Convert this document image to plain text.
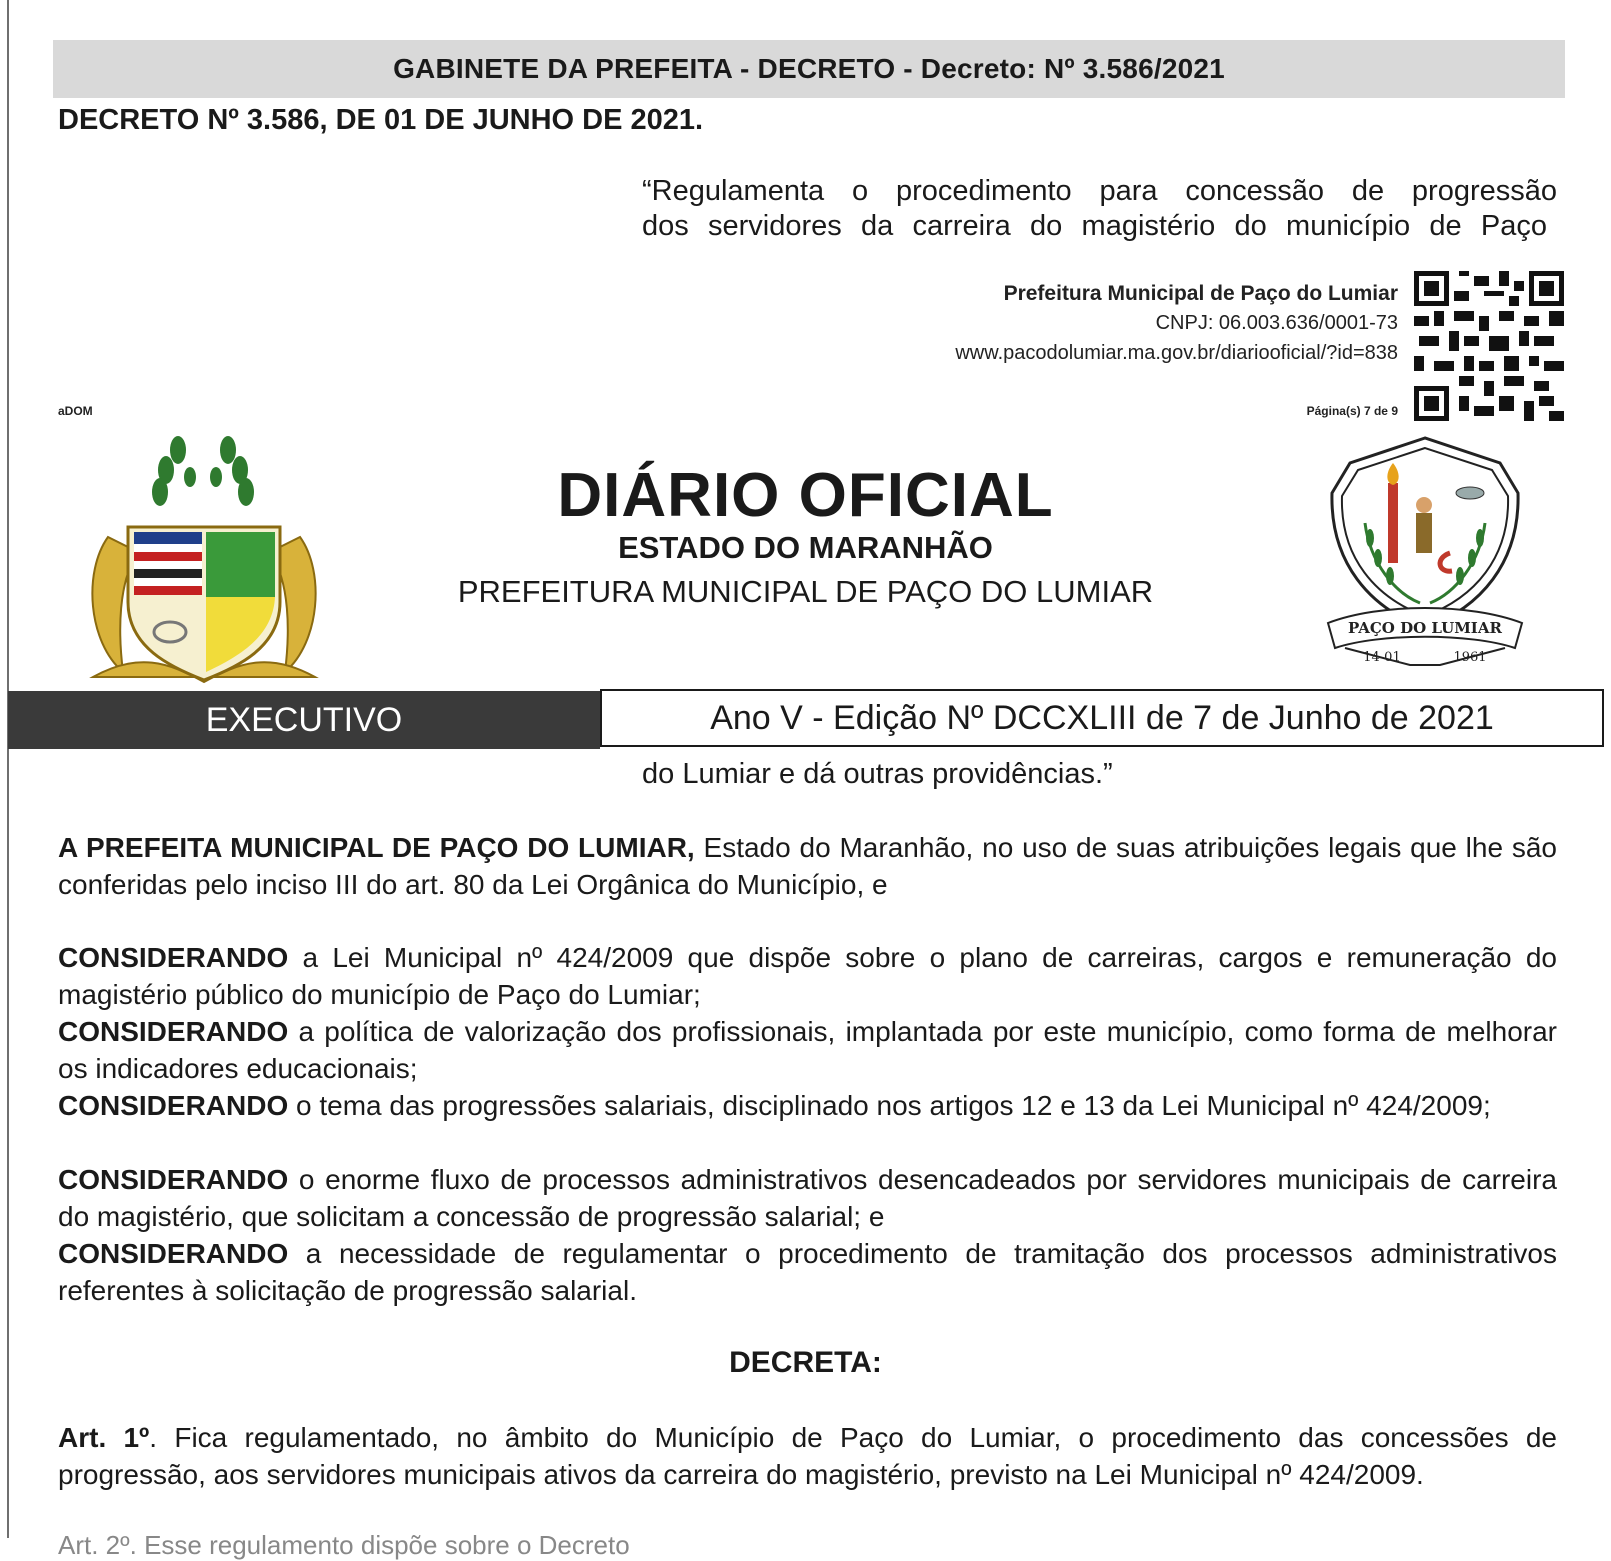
GABINETE DA PREFEITA - DECRETO - Decreto: Nº 3.586/2021
DECRETO Nº 3.586, DE 01 DE JUNHO DE 2021.

“Regulamenta o procedimento para concessão de progressão

dos servidores da carreira do magistério do município de Paço

Prefeitura Municipal de Paço do Lumiar
CNPJ: 06.003.636/0001-73
www.pacodolumiar.ma.gov.br/diariooficial/?id=838
aDOM	Página(s) 7 de 9
DIÁRIO OFICIAL
ESTADO DO MARANHÃO
PREFEITURA MUNICIPAL DE PAÇO DO LUMIAR
PAÇO DO LUMIAR
14-01	1961
EXECUTIVO	Ano V - Edição Nº DCCXLIII de 7 de Junho de 2021

do Lumiar e dá outras providências.”

A PREFEITA MUNICIPAL DE PAÇO DO LUMIAR, Estado do Maranhão, no uso de suas atribuições legais que lhe são conferidas pelo inciso III do art. 80 da Lei Orgânica do Município, e

CONSIDERANDO a Lei Municipal nº 424/2009 que dispõe sobre o plano de carreiras, cargos e remuneração do magistério público do município de Paço do Lumiar;

CONSIDERANDO a política de valorização dos profissionais, implantada por este município, como forma de melhorar os indicadores educacionais;

CONSIDERANDO o tema das progressões salariais, disciplinado nos artigos 12 e 13 da Lei Municipal nº 424/2009;

CONSIDERANDO o enorme fluxo de processos administrativos desencadeados por servidores municipais de carreira do magistério, que solicitam a concessão de progressão salarial; e

CONSIDERANDO a necessidade de regulamentar o procedimento de tramitação dos processos administrativos referentes à solicitação de progressão salarial.

DECRETA:

Art. 1º. Fica regulamentado, no âmbito do Município de Paço do Lumiar, o procedimento das concessões de progressão, aos servidores municipais ativos da carreira do magistério, previsto na Lei Municipal nº 424/2009.

Art. 2º. Esse regulamento dispõe sobre o Decreto
